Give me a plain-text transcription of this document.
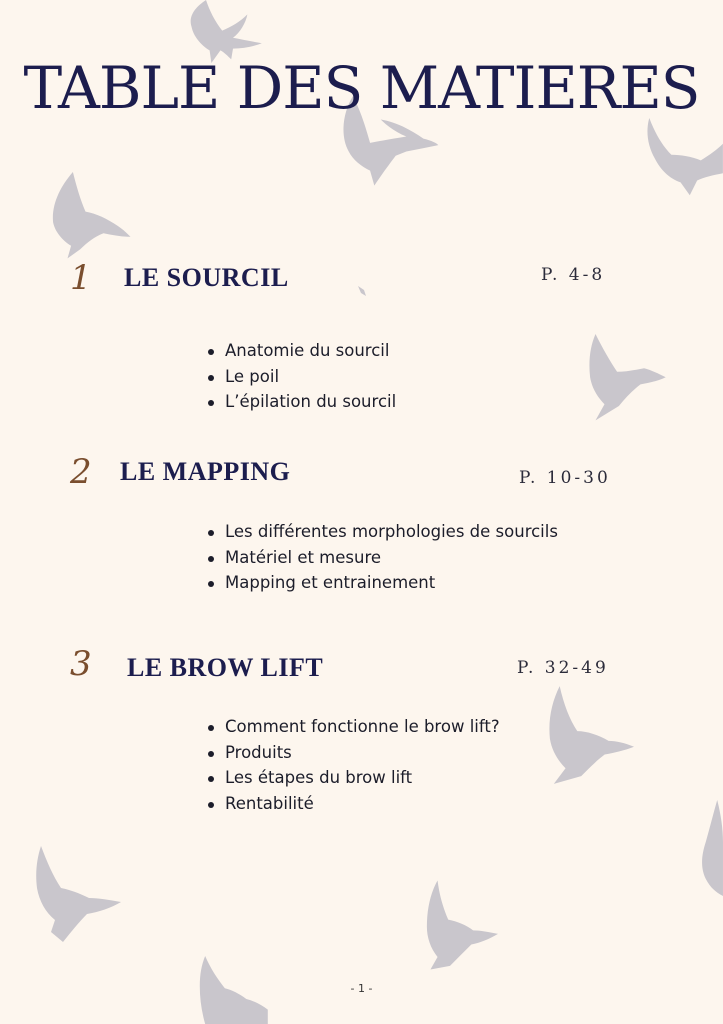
TABLE DES MATIERES
1 LE SOURCIL	P. 4-8
Anatomie du sourcil
Le poil
L’épilation du sourcil
2 LE MAPPING	P. 10-30
Les différentes morphologies de sourcils
Matériel et mesure
Mapping et entrainement
3 LE BROW LIFT	P. 32-49
Comment fonctionne le brow lift?
Produits
Les étapes du brow lift
Rentabilité
- 1 -
